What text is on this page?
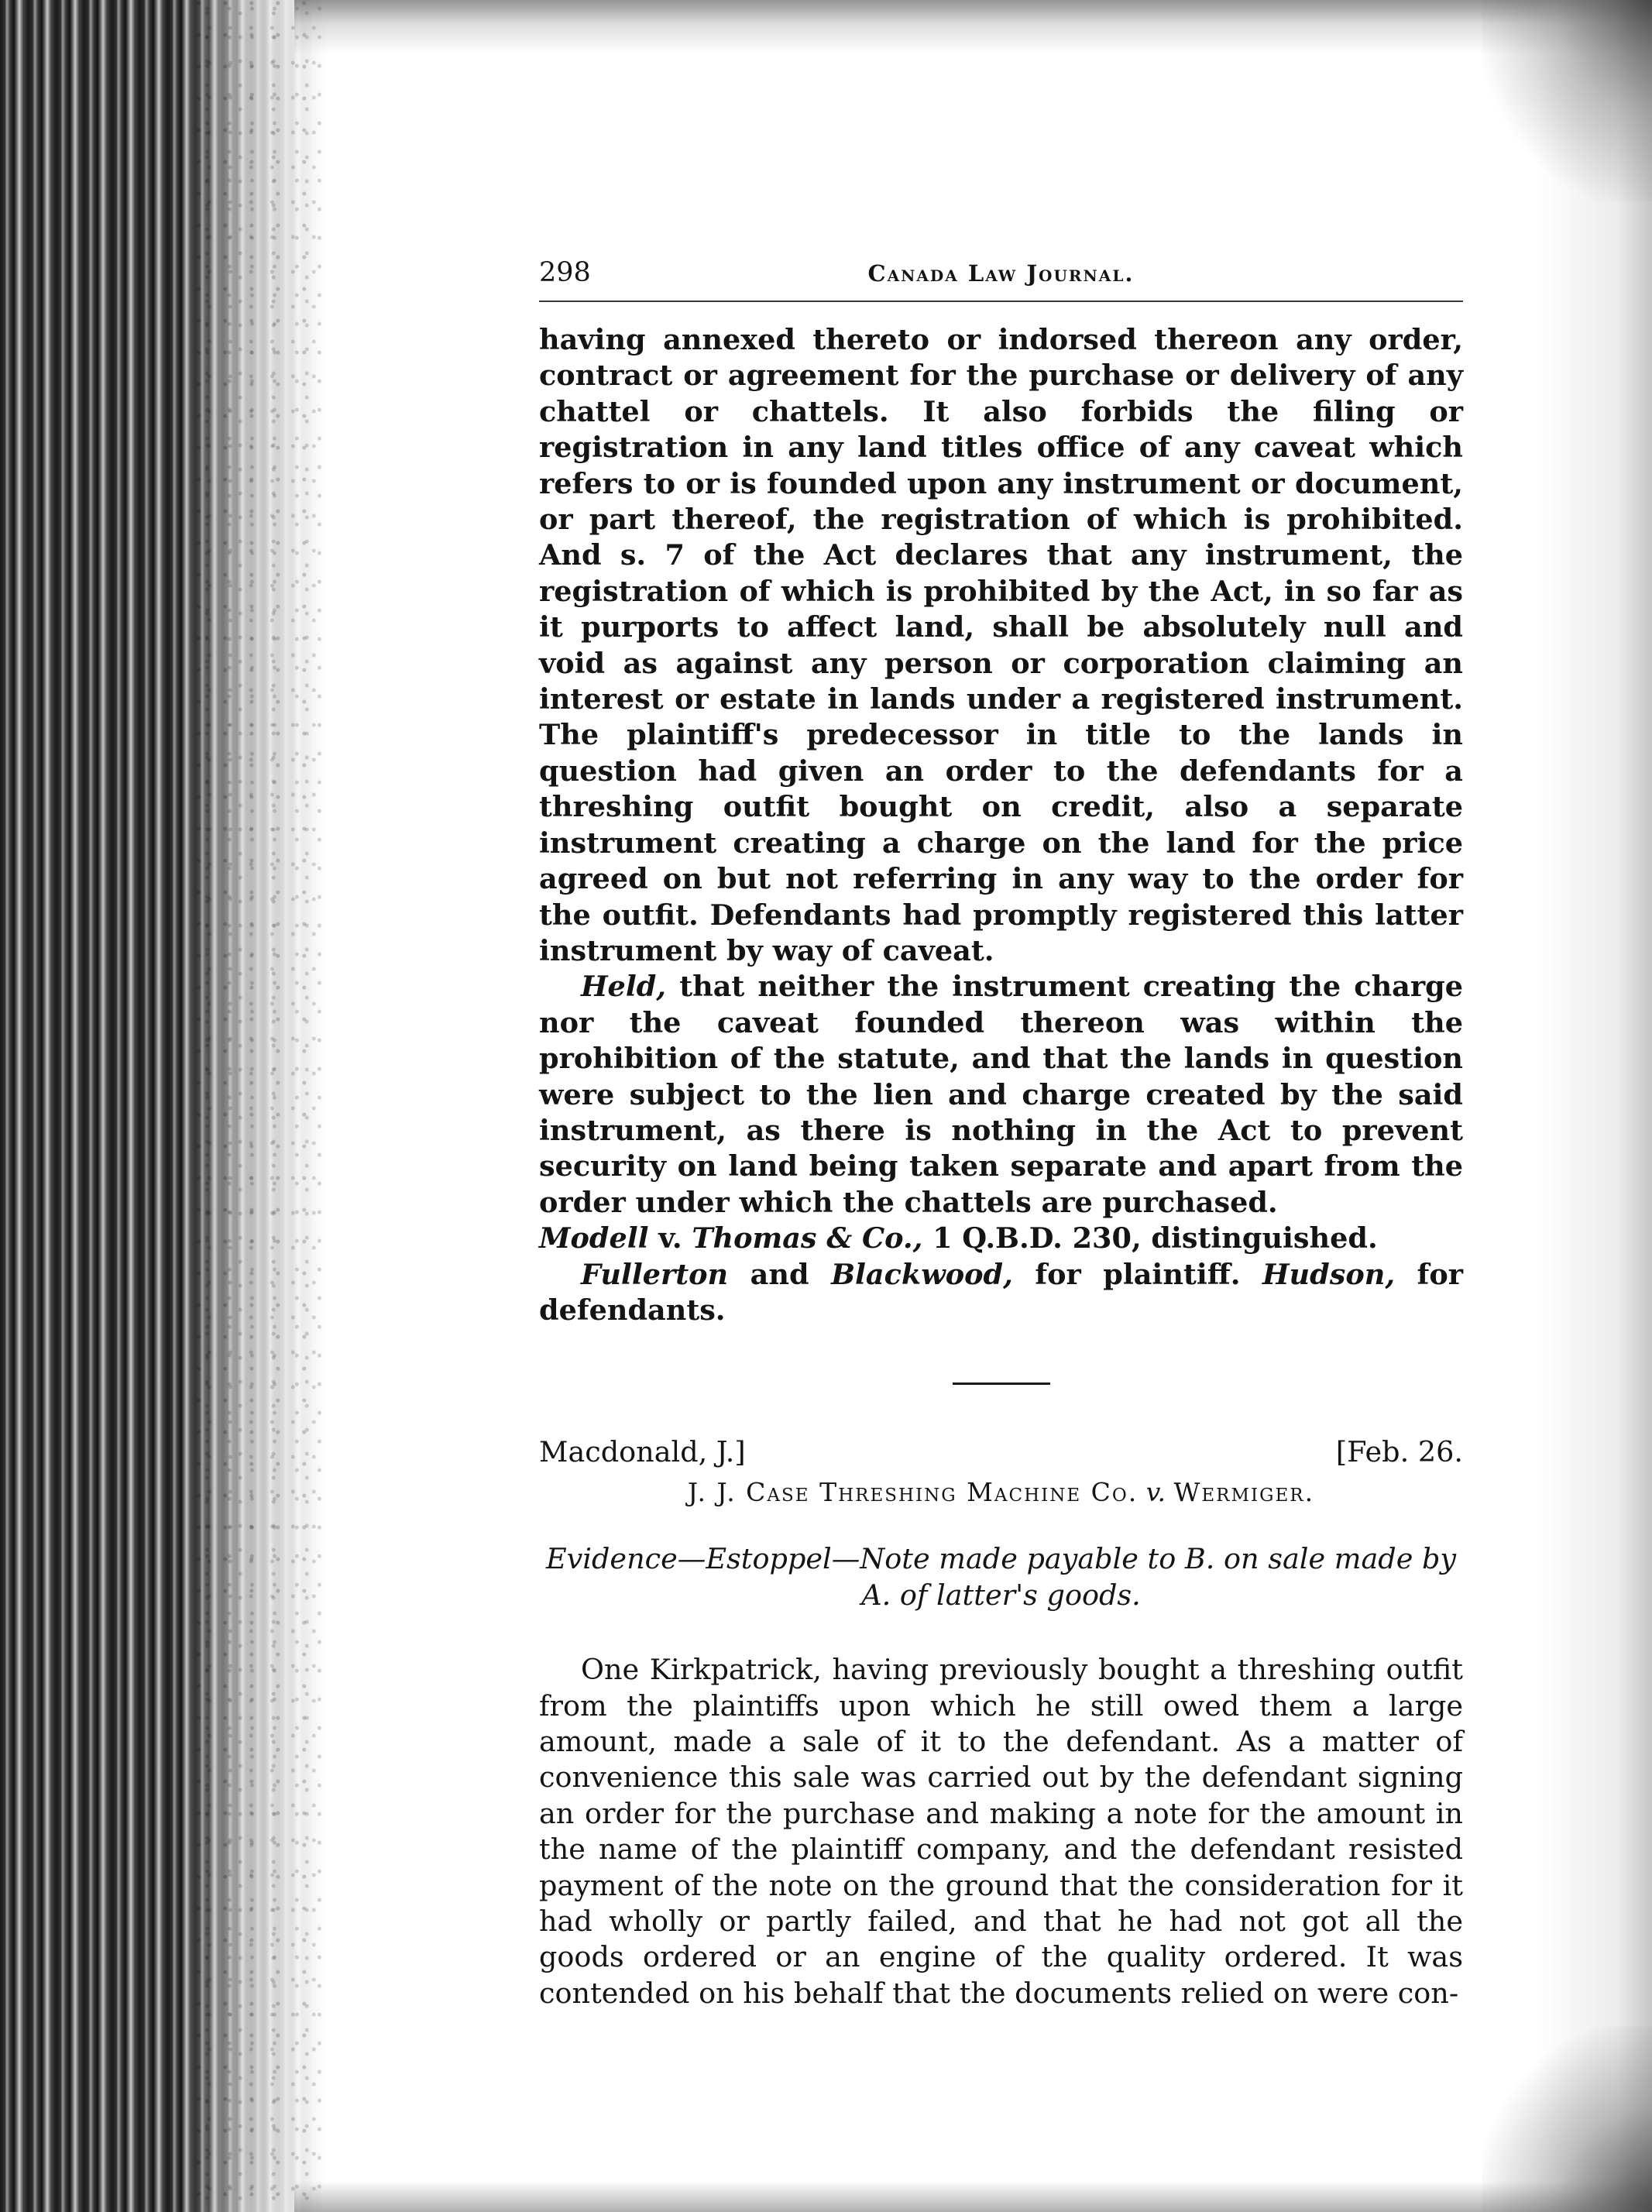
298	Canada Law Journal.

having annexed thereto or indorsed thereon any order, contract or agreement for the purchase or delivery of any chattel or chattels. It also forbids the filing or registration in any land titles office of any caveat which refers to or is founded upon any instrument or document, or part thereof, the registration of which is prohibited. And s. 7 of the Act declares that any instrument, the registration of which is prohibited by the Act, in so far as it purports to affect land, shall be absolutely null and void as against any person or corporation claiming an interest or estate in lands under a registered instrument. The plaintiff's predecessor in title to the lands in question had given an order to the defendants for a threshing outfit bought on credit, also a separate instrument creating a charge on the land for the price agreed on but not referring in any way to the order for the outfit. Defendants had promptly registered this latter instrument by way of caveat.

Held, that neither the instrument creating the charge nor the caveat founded thereon was within the prohibition of the statute, and that the lands in question were subject to the lien and charge created by the said instrument, as there is nothing in the Act to prevent security on land being taken separate and apart from the order under which the chattels are purchased.
Modell v. Thomas & Co., 1 Q.B.D. 230, distinguished.

Fullerton and Blackwood, for plaintiff. Hudson, for defendants.

Macdonald, J.]	[Feb. 26.
J. J. Case Threshing Machine Co. v. Wermiger.

Evidence—Estoppel—Note made payable to B. on sale made by
A. of latter's goods.

One Kirkpatrick, having previously bought a threshing outfit from the plaintiffs upon which he still owed them a large amount, made a sale of it to the defendant. As a matter of convenience this sale was carried out by the defendant signing an order for the purchase and making a note for the amount in the name of the plaintiff company, and the defendant resisted payment of the note on the ground that the consideration for it had wholly or partly failed, and that he had not got all the goods ordered or an engine of the quality ordered. It was contended on his behalf that the documents relied on were con-
